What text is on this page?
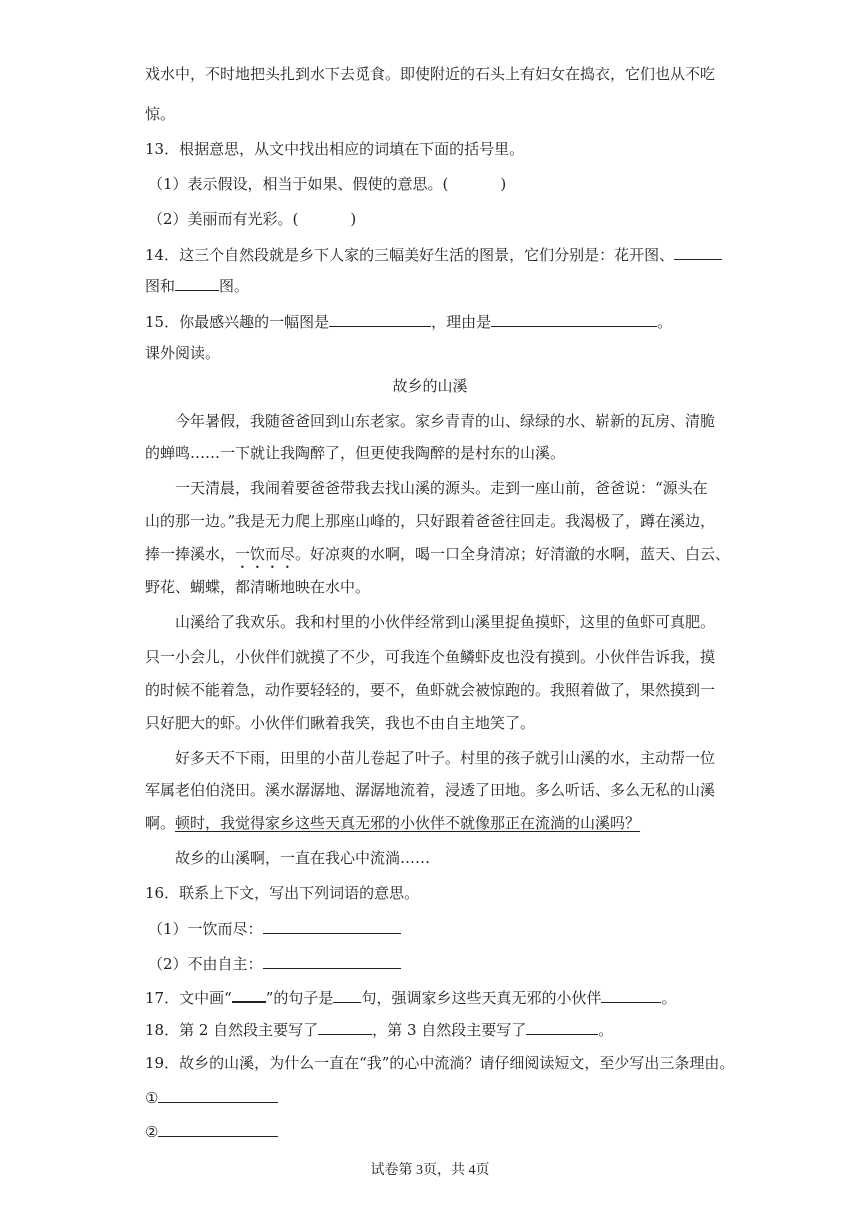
戏水中，不时地把头扎到水下去觅食。即使附近的石头上有妇女在捣衣，它们也从不吃
惊。
13．根据意思，从文中找出相应的词填在下面的括号里。
（1）表示假设，相当于如果、假使的意思。(	)
（2）美丽而有光彩。(	)
14．这三个自然段就是乡下人家的三幅美好生活的图景，它们分别是：花开图、
图和	图。
15．你最感兴趣的一幅图是	，理由是	。
课外阅读。
故乡的山溪
今年暑假，我随爸爸回到山东老家。家乡青青的山、绿绿的水、崭新的瓦房、清脆
的蝉鸣……一下就让我陶醉了，但更使我陶醉的是村东的山溪。
一天清晨，我闹着要爸爸带我去找山溪的源头。走到一座山前，爸爸说：“源头在
山的那一边。”我是无力爬上那座山峰的，只好跟着爸爸往回走。我渴极了，蹲在溪边，
捧一捧溪水，一饮而尽。好凉爽的水啊，喝一口全身清凉；好清澈的水啊，蓝天、白云、
野花、蝴蝶，都清晰地映在水中。
山溪给了我欢乐。我和村里的小伙伴经常到山溪里捉鱼摸虾，这里的鱼虾可真肥。
只一小会儿，小伙伴们就摸了不少，可我连个鱼鳞虾皮也没有摸到。小伙伴告诉我，摸
的时候不能着急，动作要轻轻的，要不，鱼虾就会被惊跑的。我照着做了，果然摸到一
只好肥大的虾。小伙伴们瞅着我笑，我也不由自主地笑了。
好多天不下雨，田里的小苗儿卷起了叶子。村里的孩子就引山溪的水，主动帮一位
军属老伯伯浇田。溪水潺潺地、潺潺地流着，浸透了田地。多么听话、多么无私的山溪
啊。顿时，我觉得家乡这些天真无邪的小伙伴不就像那正在流淌的山溪吗？
故乡的山溪啊，一直在我心中流淌……
16．联系上下文，写出下列词语的意思。
（1）一饮而尽：
（2）不由自主：
17．文中画“ ”的句子是 句，强调家乡这些天真无邪的小伙伴	。
18．第 2 自然段主要写了	，第 3 自然段主要写了	。
19．故乡的山溪，为什么一直在“我”的心中流淌？请仔细阅读短文，至少写出三条理由。
①
②
试卷第 3页，共 4页
